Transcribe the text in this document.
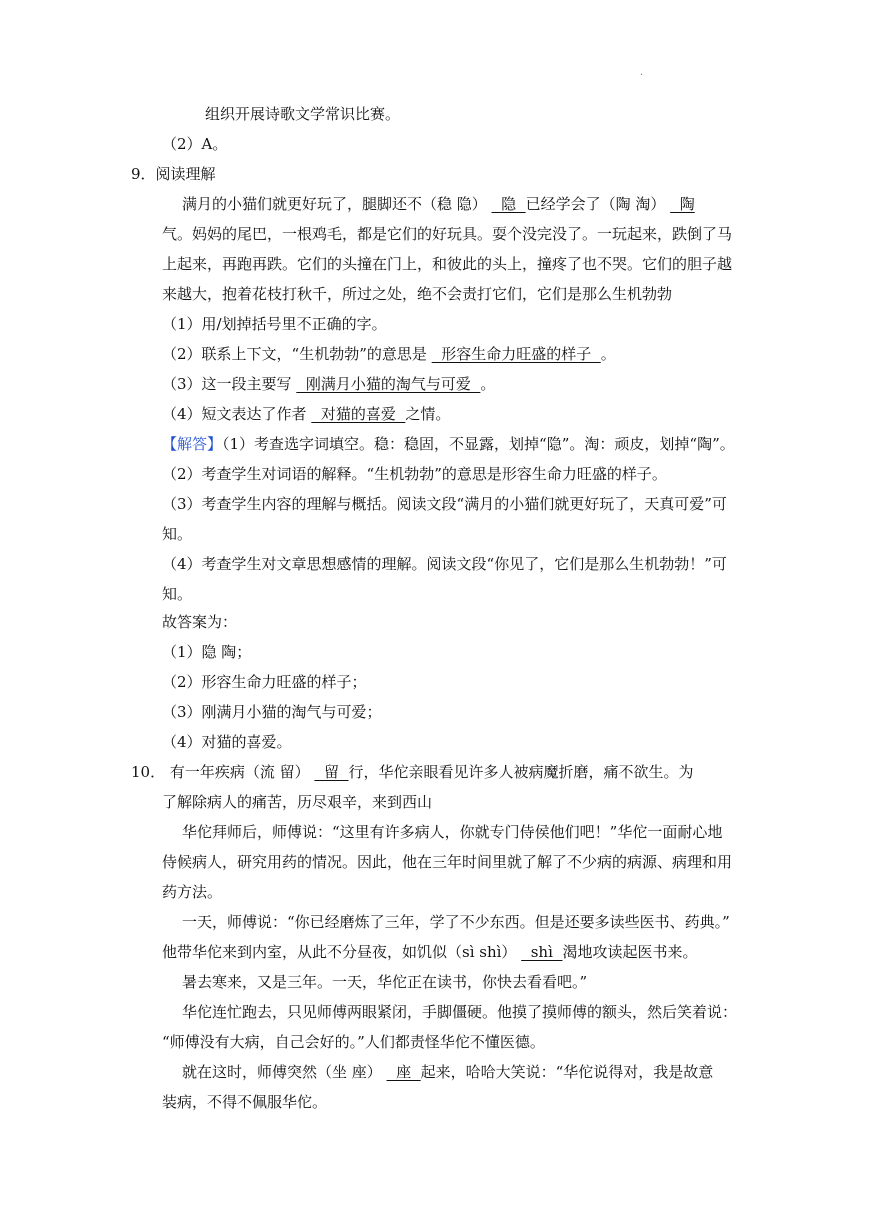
·
组织开展诗歌文学常识比赛。
（2）A。
9．阅读理解
满月的小猫们就更好玩了，腿脚还不（稳 隐）   隐  已经学会了（陶 淘）   陶
气。妈妈的尾巴，一根鸡毛，都是它们的好玩具。耍个没完没了。一玩起来，跌倒了马
上起来，再跑再跌。它们的头撞在门上，和彼此的头上，撞疼了也不哭。它们的胆子越
来越大，抱着花枝打秋千，所过之处，绝不会责打它们，它们是那么生机勃勃
（1）用/划掉括号里不正确的字。
（2）联系上下文，“生机勃勃”的意思是   形容生命力旺盛的样子  。
（3）这一段主要写   刚满月小猫的淘气与可爱  。
（4）短文表达了作者   对猫的喜爱  之情。
【解答】（1）考查选字词填空。稳：稳固，不显露，划掉“隐”。淘：顽皮，划掉“陶”。
（2）考查学生对词语的解释。“生机勃勃”的意思是形容生命力旺盛的样子。
（3）考查学生内容的理解与概括。阅读文段“满月的小猫们就更好玩了，天真可爱”可
知。
（4）考查学生对文章思想感情的理解。阅读文段“你见了，它们是那么生机勃勃！”可
知。
故答案为：
（1）隐 陶；
（2）形容生命力旺盛的样子；
（3）刚满月小猫的淘气与可爱；
（4）对猫的喜爱。
10． 有一年疾病（流 留）   留  行，华佗亲眼看见许多人被病魔折磨，痛不欲生。为
了解除病人的痛苦，历尽艰辛，来到西山
华佗拜师后，师傅说：“这里有许多病人，你就专门侍侯他们吧！”华佗一面耐心地
侍候病人，研究用药的情况。因此，他在三年时间里就了解了不少病的病源、病理和用
药方法。
一天，师傅说：“你已经磨炼了三年，学了不少东西。但是还要多读些医书、药典。”
他带华佗来到内室，从此不分昼夜，如饥似（sì shì）   shì  渴地攻读起医书来。
暑去寒来，又是三年。一天，华佗正在读书，你快去看看吧。”
华佗连忙跑去，只见师傅两眼紧闭，手脚僵硬。他摸了摸师傅的额头，然后笑着说：
“师傅没有大病，自己会好的。”人们都责怪华佗不懂医德。
就在这时，师傅突然（坐 座）   座  起来，哈哈大笑说：“华佗说得对，我是故意
装病，不得不佩服华佗。
